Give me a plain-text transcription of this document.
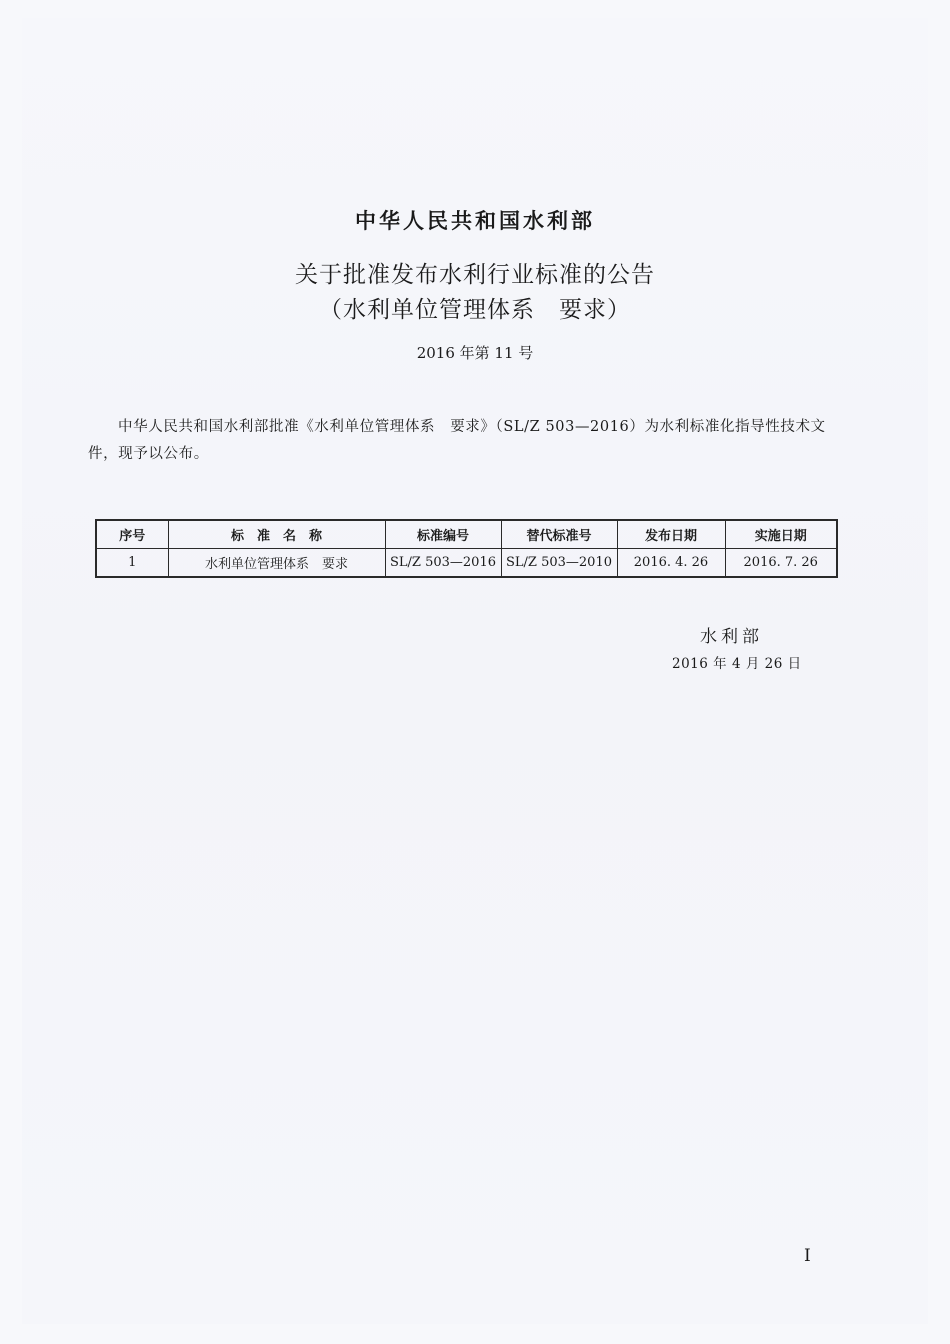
中华人民共和国水利部
关于批准发布水利行业标准的公告
（水利单位管理体系　要求）
2016 年第 11 号
中华人民共和国水利部批准《水利单位管理体系　要求》（SL/Z 503—2016）为水利标准化指导性技术文件，现予以公布。
序号	标　准　名　称	标准编号	替代标准号	发布日期	实施日期
1	水利单位管理体系　要求	SL/Z 503—2016	SL/Z 503—2010	2016. 4. 26	2016. 7. 26
水利部
2016 年 4 月 26 日
I
